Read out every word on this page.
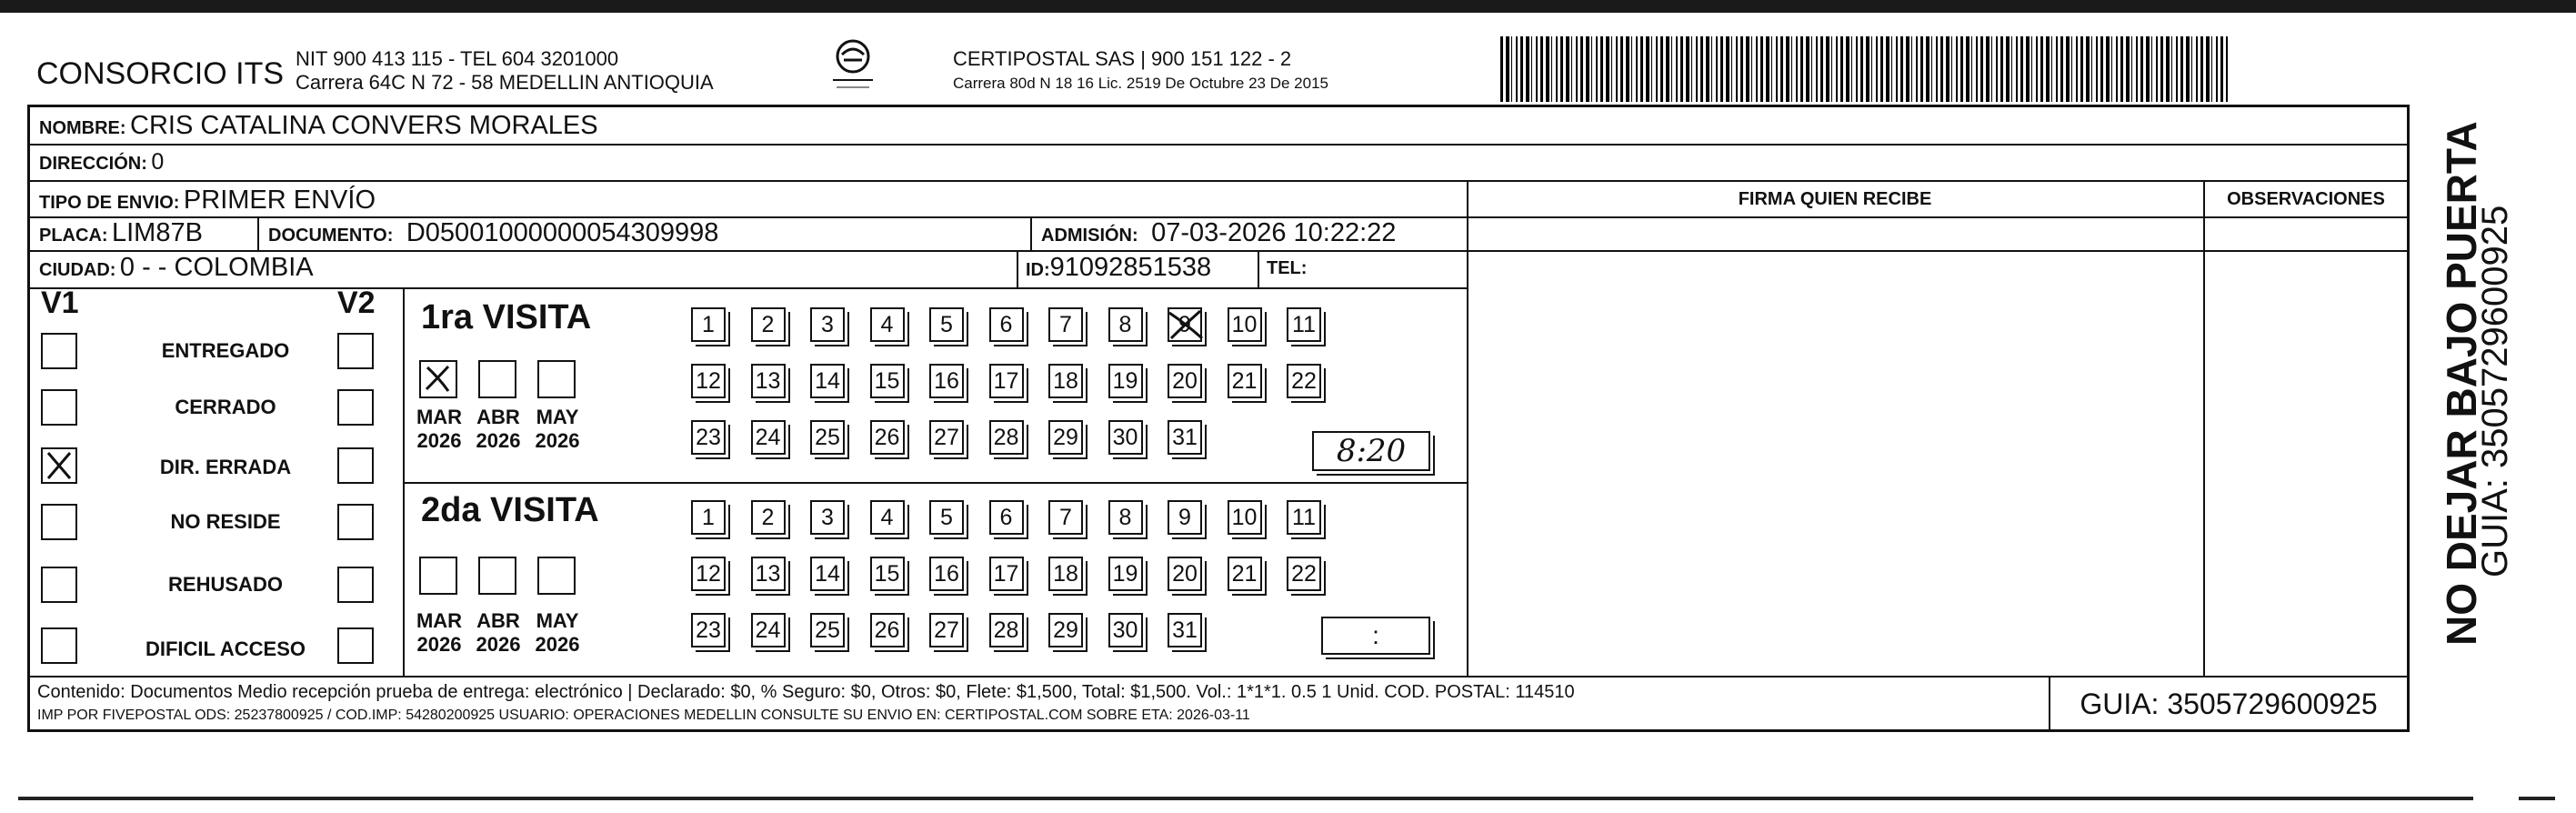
CONSORCIO ITS NIT 900 413 115 - TEL 604 3201000
Carrera 64C N 72 - 58 MEDELLIN ANTIOQUIA
CERTIPOSTAL SAS | 900 151 122 - 2
Carrera 80d N 18 16 Lic. 2519 De Octubre 23 De 2015
NOMBRE: CRIS CATALINA CONVERS MORALES
DIRECCIÓN: 0
TIPO DE ENVIO: PRIMER ENVÍO	FIRMA QUIEN RECIBE	OBSERVACIONES
PLACA: LIM87B	DOCUMENTO: D05001000000054309998	ADMISIÓN: 07-03-2026 10:22:22
CIUDAD: 0 - - COLOMBIA	ID:91092851538	TEL:
V1	V2
ENTREGADO
CERRADO
DIR. ERRADA
NO RESIDE
REHUSADO
DIFICIL ACCESO
1ra VISITA
MAR
2026
ABR
2026
MAY
2026
1	2	3	4	5	6	7	8	9	10 11
12 13 14 15 16 17 18 19 20 21 22
23 24 25 26 27 28 29 30 31	8:20
2da VISITA
MAR
2026
ABR
2026
MAY
2026
1	2	3	4	5	6	7	8	9	10 11
12 13 14 15 16 17 18 19 20 21 22
23 24 25 26 27 28 29 30 31	:
Contenido: Documentos Medio recepción prueba de entrega: electrónico | Declarado: $0, % Seguro: $0, Otros: $0, Flete: $1,500, Total: $1,500. Vol.: 1*1*1. 0.5 1 Unid. COD. POSTAL: 114510
IMP POR FIVEPOSTAL ODS: 25237800925 / COD.IMP: 54280200925 USUARIO: OPERACIONES MEDELLIN CONSULTE SU ENVIO EN: CERTIPOSTAL.COM SOBRE ETA: 2026-03-11	GUIA: 3505729600925
NO DEJAR BAJO PUERTA
GUIA: 3505729600925
